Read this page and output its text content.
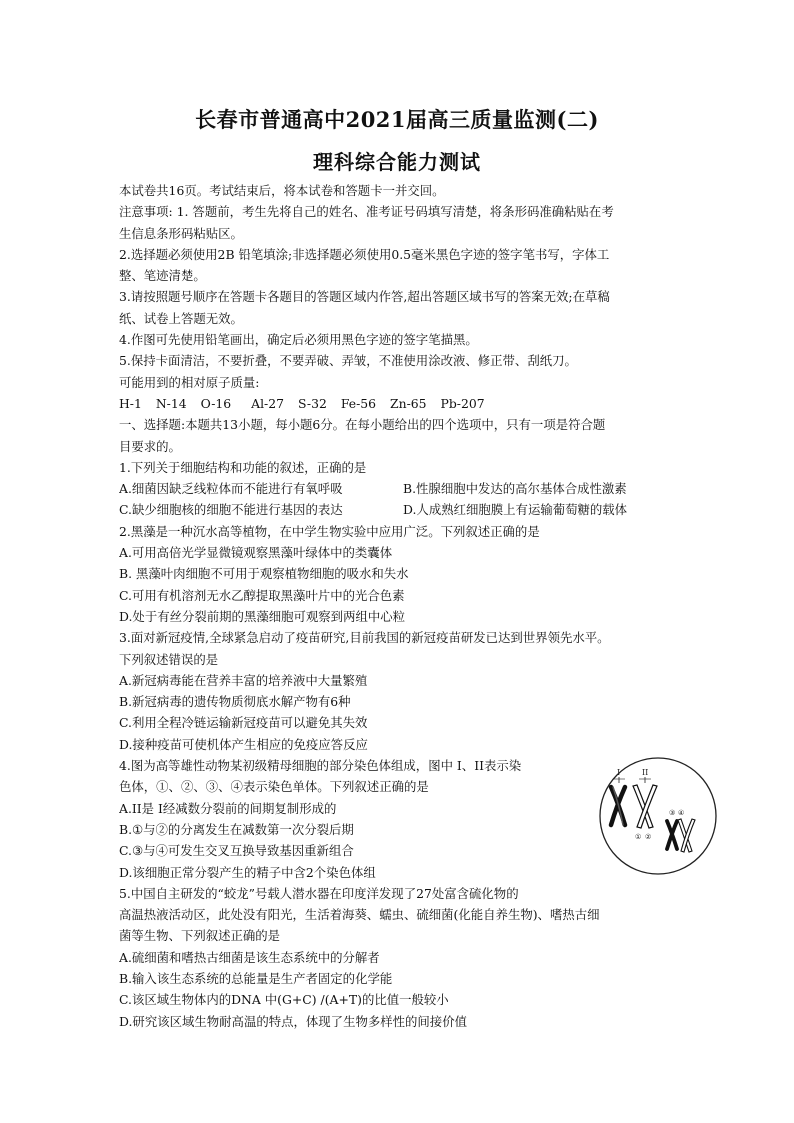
长春市普通高中2021届高三质量监测(二)
理科综合能力测试
本试卷共16页。考试结束后，将本试卷和答题卡一并交回。
注意事项: 1. 答题前，考生先将自己的姓名、准考证号码填写清楚，将条形码准确粘贴在考
生信息条形码粘贴区。
2.选择题必须使用2B 铅笔填涂;非选择题必须使用0.5毫米黑色字迹的签字笔书写，字体工
整、笔迹清楚。
3.请按照题号顺序在答题卡各题目的答题区域内作答,超出答题区域书写的答案无效;在草稿
纸、试卷上答题无效。
4.作图可先使用铅笔画出，确定后必须用黑色字迹的签字笔描黑。
5.保持卡面清洁，不要折叠，不要弄破、弄皱，不准使用涂改液、修正带、刮纸刀。
可能用到的相对原子质量:
H-1 N-14 O-16 Al-27 S-32 Fe-56 Zn-65 Pb-207
一、选择题:本题共13小题，每小题6分。在每小题给出的四个选项中，只有一项是符合题
目要求的。
1.下列关于细胞结构和功能的叙述，正确的是
A.细菌因缺乏线粒体而不能进行有氧呼吸	B.性腺细胞中发达的高尔基体合成性激素
C.缺少细胞核的细胞不能进行基因的表达	D.人成熟红细胞膜上有运输葡萄糖的载体
2.黑藻是一种沉水高等植物，在中学生物实验中应用广泛。下列叙述正确的是
A.可用高倍光学显微镜观察黑藻叶绿体中的类囊体
B. 黑藻叶肉细胞不可用于观察植物细胞的吸水和失水
C.可用有机溶剂无水乙醇提取黑藻叶片中的光合色素
D.处于有丝分裂前期的黑藻细胞可观察到两组中心粒
3.面对新冠疫情,全球紧急启动了疫苗研究,目前我国的新冠疫苗研发已达到世界领先水平。
下列叙述错误的是
A.新冠病毒能在营养丰富的培养液中大量繁殖
B.新冠病毒的遗传物质彻底水解产物有6种
C.利用全程冷链运输新冠疫苗可以避免其失效
D.接种疫苗可使机体产生相应的免疫应答反应
4.图为高等雄性动物某初级精母细胞的部分染色体组成，图中 I、II表示染
色体，①、②、③、④表示染色单体。下列叙述正确的是
A.II是 I经减数分裂前的间期复制形成的
B.①与②的分离发生在减数第一次分裂后期
C.③与④可发生交叉互换导致基因重新组合
D.该细胞正常分裂产生的精子中含2个染色体组
5.中国自主研发的“蛟龙”号载人潜水器在印度洋发现了27处富含硫化物的
高温热液活动区，此处没有阳光，生活着海葵、蠕虫、硫细菌(化能自养生物)、嗜热古细
菌等生物、下列叙述正确的是
A.硫细菌和嗜热古细菌是该生态系统中的分解者
B.输入该生态系统的总能量是生产者固定的化学能
C.该区域生物体内的DNA 中(G+C) /(A+T)的比值一般较小
D.研究该区域生物耐高温的特点，体现了生物多样性的间接价值
I	II
① ②
③ ④
